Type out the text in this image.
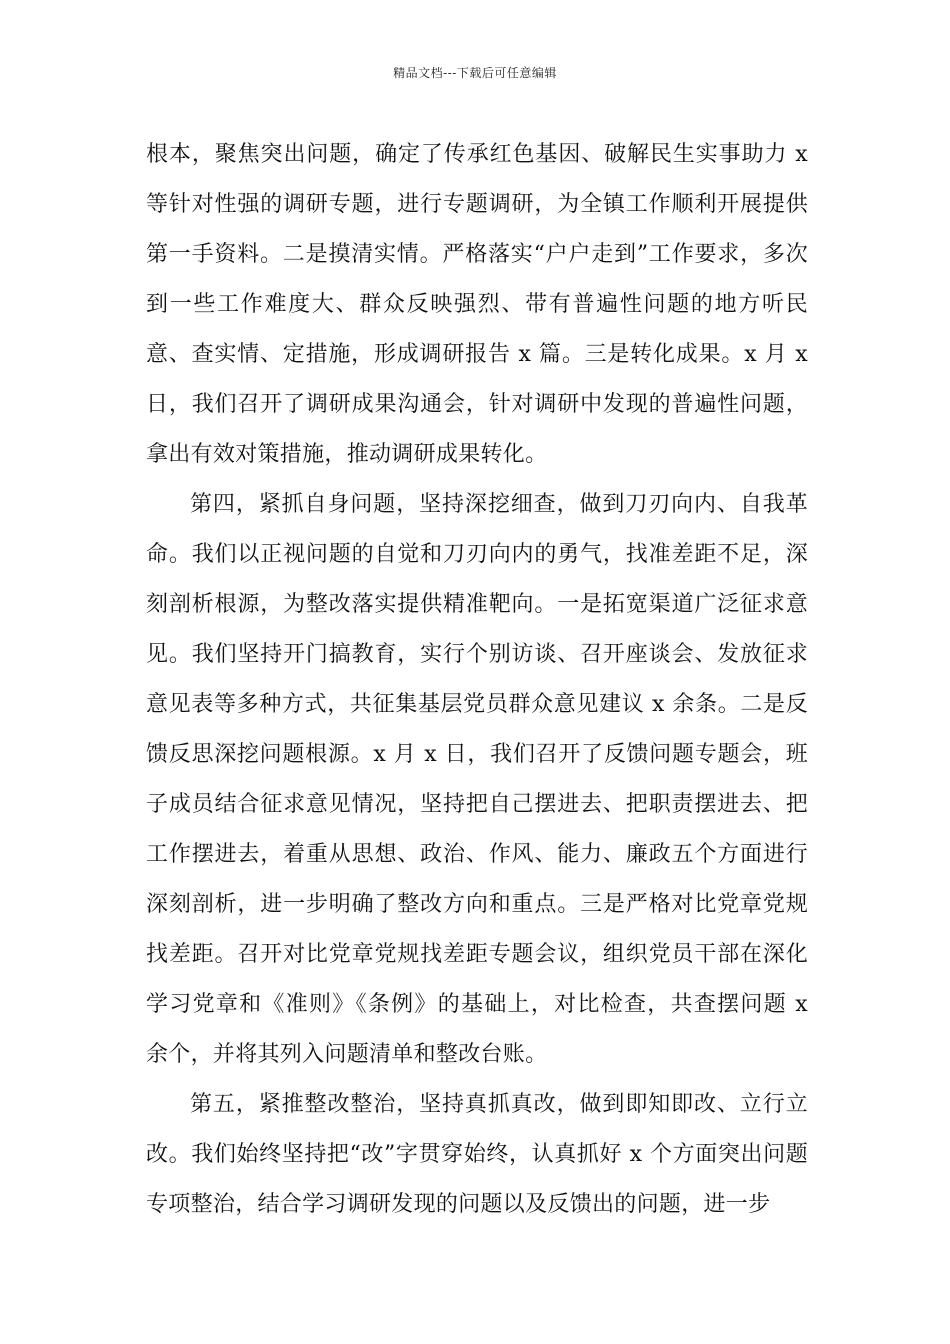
精品文档---下载后可任意编辑

根本，聚焦突出问题，确定了传承红色基因、破解民生实事助力 x 等针对性强的调研专题，进行专题调研，为全镇工作顺利开展提供第一手资料。二是摸清实情。严格落实“户户走到”工作要求，多次到一些工作难度大、群众反映强烈、带有普遍性问题的地方听民意、查实情、定措施，形成调研报告 x 篇。三是转化成果。x 月 x 日，我们召开了调研成果沟通会，针对调研中发现的普遍性问题，拿出有效对策措施，推动调研成果转化。

第四，紧抓自身问题，坚持深挖细查，做到刀刃向内、自我革命。我们以正视问题的自觉和刀刃向内的勇气，找准差距不足，深刻剖析根源，为整改落实提供精准靶向。一是拓宽渠道广泛征求意见。我们坚持开门搞教育，实行个别访谈、召开座谈会、发放征求意见表等多种方式，共征集基层党员群众意见建议 x 余条。二是反馈反思深挖问题根源。x 月 x 日，我们召开了反馈问题专题会，班子成员结合征求意见情况，坚持把自己摆进去、把职责摆进去、把工作摆进去，着重从思想、政治、作风、能力、廉政五个方面进行深刻剖析，进一步明确了整改方向和重点。三是严格对比党章党规找差距。召开对比党章党规找差距专题会议，组织党员干部在深化学习党章和《准则》《条例》的基础上，对比检查，共查摆问题 x 余个，并将其列入问题清单和整改台账。

第五，紧推整改整治，坚持真抓真改，做到即知即改、立行立改。我们始终坚持把“改”字贯穿始终，认真抓好 x 个方面突出问题专项整治，结合学习调研发现的问题以及反馈出的问题，进一步
